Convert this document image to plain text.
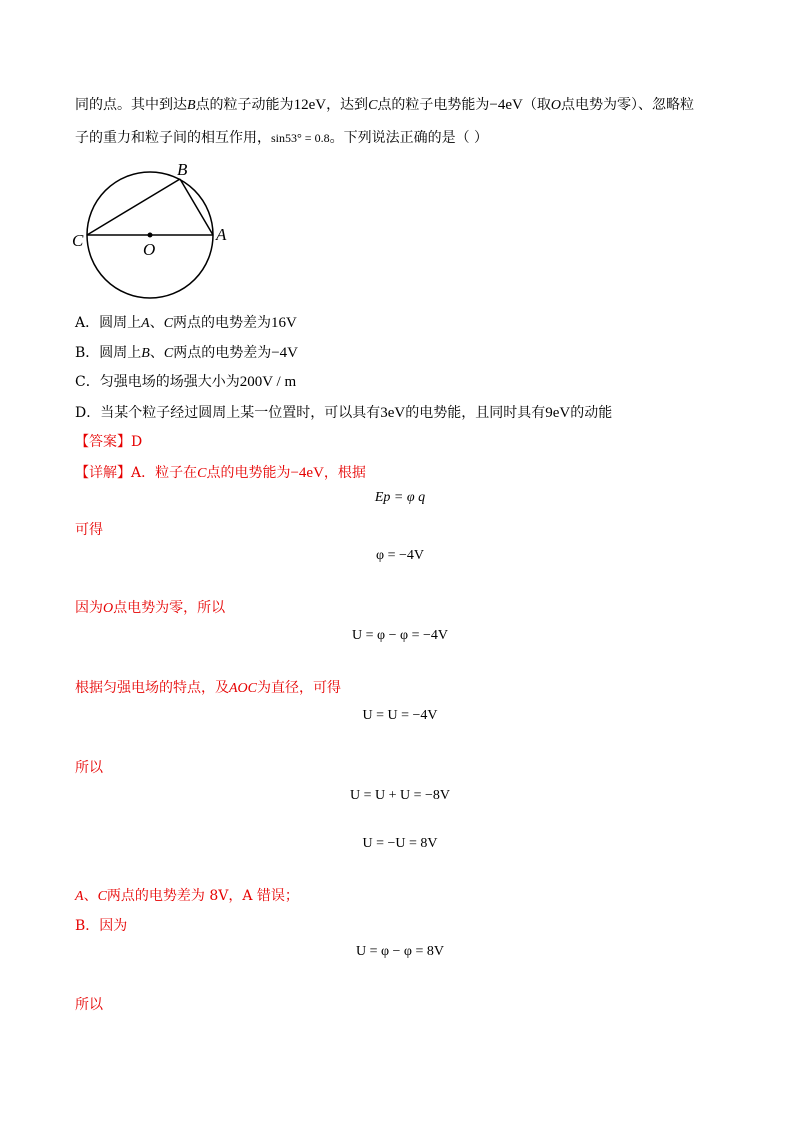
同的点。其中到达B点的粒子动能为12eV，达到C点的粒子电势能为−4eV（取O点电势为零）、忽略粒
子的重力和粒子间的相互作用，sin53° = 0.8。下列说法正确的是（ ）
B
C	A
O
A．圆周上A、C两点的电势差为16V
B．圆周上B、C两点的电势差为−4V
C．匀强电场的场强大小为200V / m
D．当某个粒子经过圆周上某一位置时，可以具有3eV的电势能，且同时具有9eV的动能
【答案】D
【详解】A．粒子在C点的电势能为−4eV，根据
Ep = φ q
可得
φ = −4V
因为O点电势为零，所以
U = φ − φ = −4V
根据匀强电场的特点，及AOC为直径，可得
U = U = −4V
所以
U = U + U = −8V
U = −U = 8V
A、C两点的电势差为 8V，A 错误；
B．因为
U = φ − φ = 8V
所以
